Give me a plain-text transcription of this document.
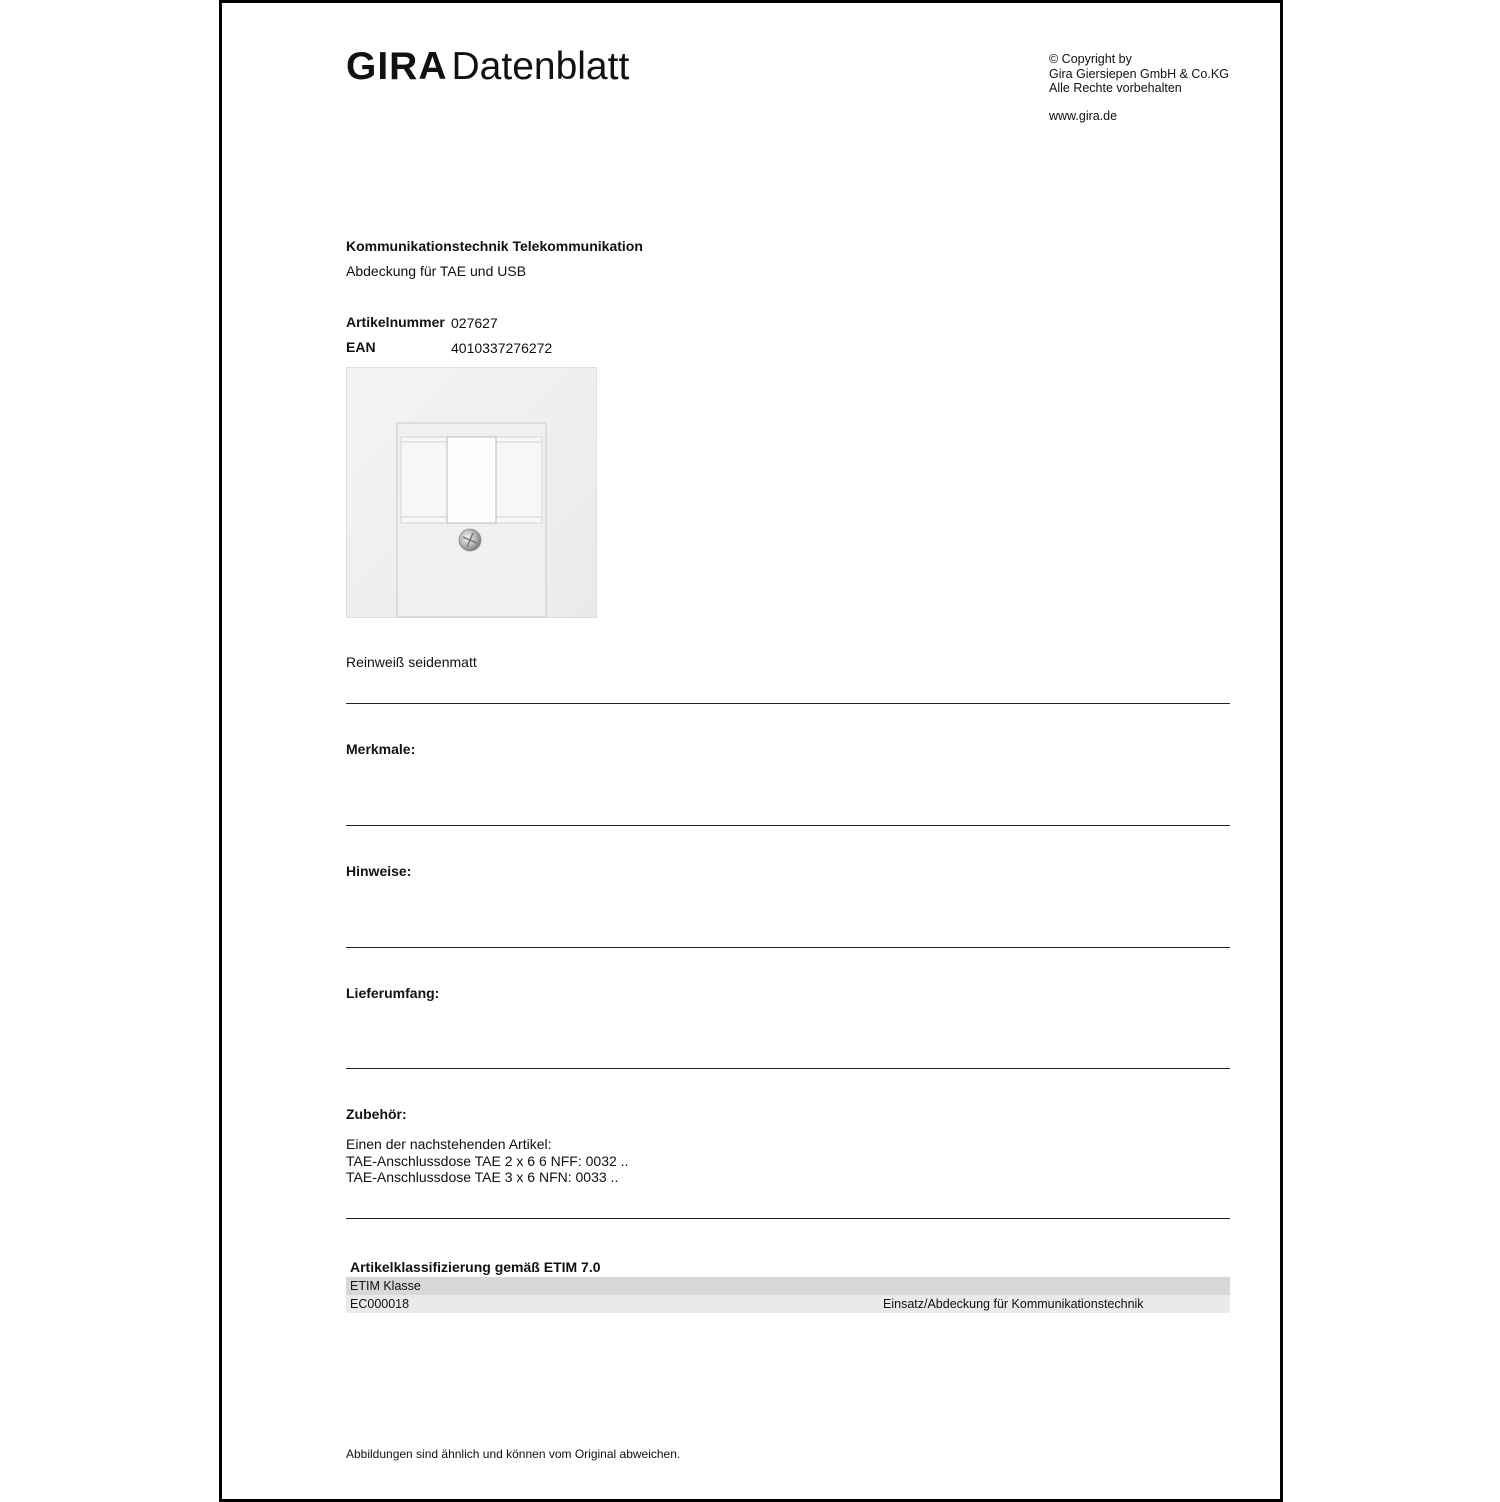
GIRA Datenblatt	© Copyright by
Gira Giersiepen GmbH & Co.KG
Alle Rechte vorbehalten
www.gira.de
Kommunikationstechnik Telekommunikation
Abdeckung für TAE und USB
Artikelnummer 027627
EAN	4010337276272
Reinweiß seidenmatt
Merkmale:
Hinweise:
Lieferumfang:
Zubehör:
Einen der nachstehenden Artikel:
TAE-Anschlussdose TAE 2 x 6 6 NFF: 0032 ..
TAE-Anschlussdose TAE 3 x 6 NFN: 0033 ..
Artikelklassifizierung gemäß ETIM 7.0
ETIM Klasse
EC000018	Einsatz/Abdeckung für Kommunikationstechnik
Abbildungen sind ähnlich und können vom Original abweichen.
